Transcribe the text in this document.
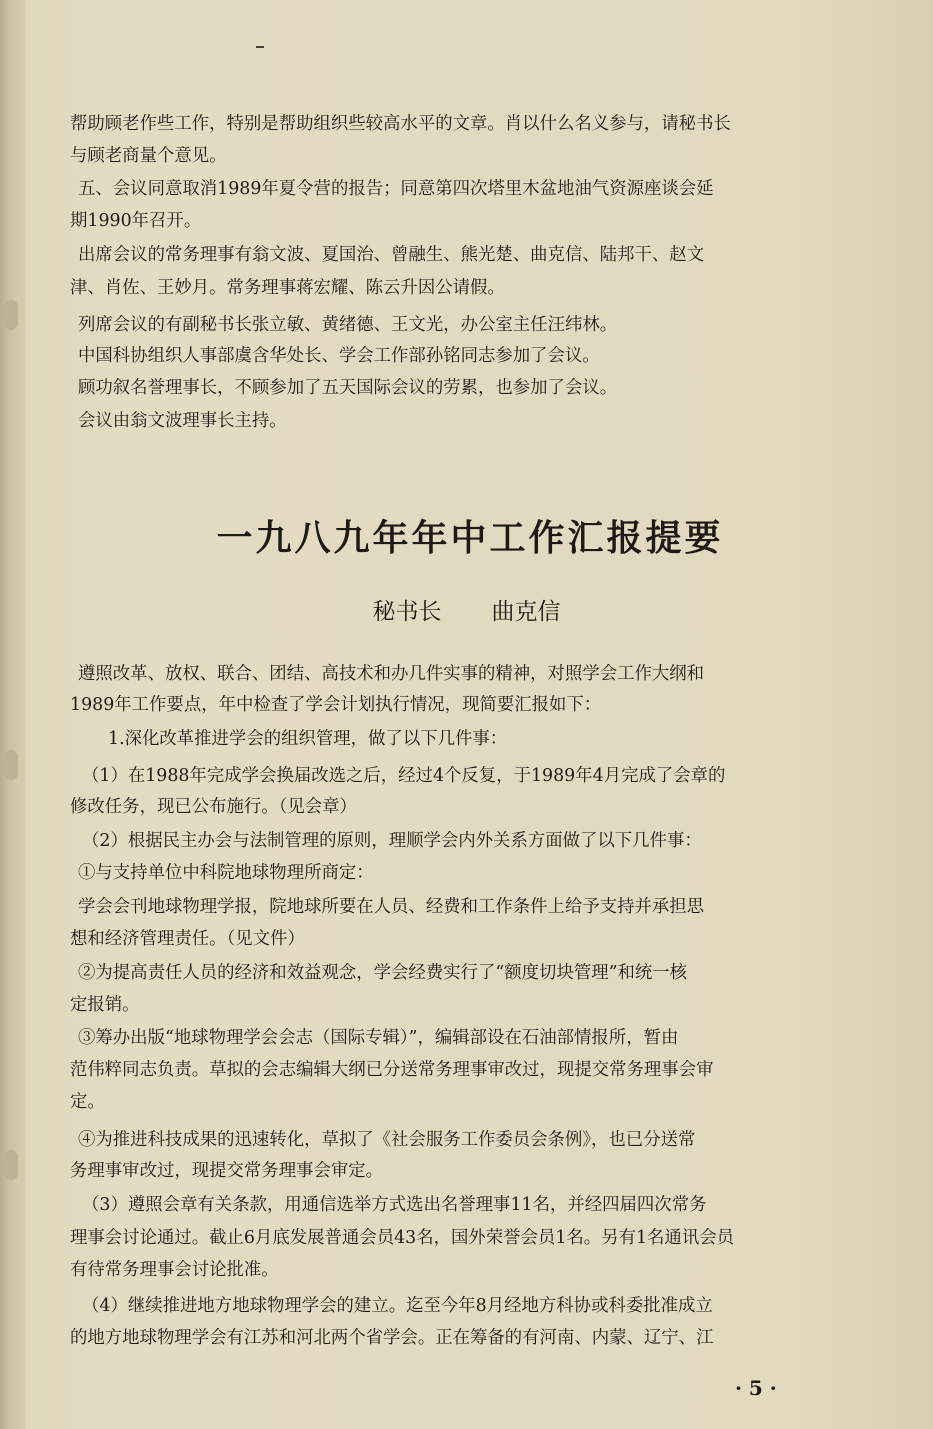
帮助顾老作些工作，特别是帮助组织些较高水平的文章。肖以什么名义参与，请秘书长

与顾老商量个意见。

五、会议同意取消1989年夏令营的报告；同意第四次塔里木盆地油气资源座谈会延

期1990年召开。

出席会议的常务理事有翁文波、夏国治、曾融生、熊光楚、曲克信、陆邦干、赵文

津、肖佐、王妙月。常务理事蒋宏耀、陈云升因公请假。

列席会议的有副秘书长张立敏、黄绪德、王文光，办公室主任汪纬林。

中国科协组织人事部虞含华处长、学会工作部孙铭同志参加了会议。

顾功叙名誉理事长，不顾参加了五天国际会议的劳累，也参加了会议。

会议由翁文波理事长主持。

一九八九年年中工作汇报提要
秘书长 曲克信

遵照改革、放权、联合、团结、高技术和办几件实事的精神，对照学会工作大纲和

1989年工作要点，年中检查了学会计划执行情况，现简要汇报如下：

1.深化改革推进学会的组织管理，做了以下几件事：

（1）在1988年完成学会换届改选之后，经过4个反复，于1989年4月完成了会章的

修改任务，现已公布施行。（见会章）

（2）根据民主办会与法制管理的原则，理顺学会内外关系方面做了以下几件事：

①与支持单位中科院地球物理所商定：

学会会刊地球物理学报，院地球所要在人员、经费和工作条件上给予支持并承担思

想和经济管理责任。（见文件）

②为提高责任人员的经济和效益观念，学会经费实行了“额度切块管理”和统一核

定报销。

③筹办出版“地球物理学会会志（国际专辑）”，编辑部设在石油部情报所，暂由

范伟粹同志负责。草拟的会志编辑大纲已分送常务理事审改过，现提交常务理事会审

定。

④为推进科技成果的迅速转化，草拟了《社会服务工作委员会条例》，也已分送常

务理事审改过，现提交常务理事会审定。

（3）遵照会章有关条款，用通信选举方式选出名誉理事11名，并经四届四次常务

理事会讨论通过。截止6月底发展普通会员43名，国外荣誉会员1名。另有1名通讯会员

有待常务理事会讨论批准。

（4）继续推进地方地球物理学会的建立。迄至今年8月经地方科协或科委批准成立

的地方地球物理学会有江苏和河北两个省学会。正在筹备的有河南、内蒙、辽宁、江

· 5 ·
